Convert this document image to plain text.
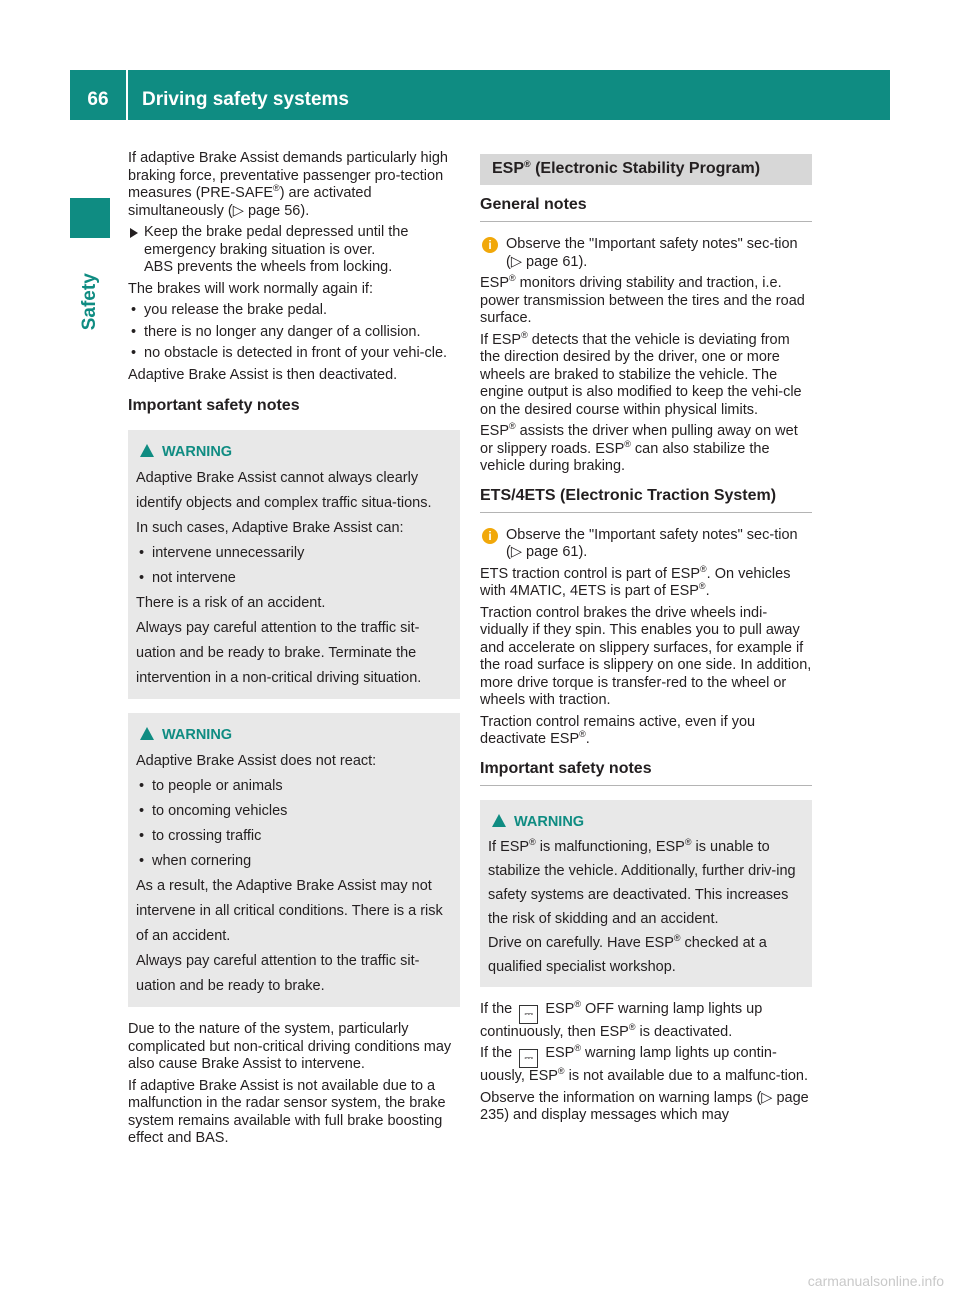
66	Driving safety systems
Safety

If adaptive Brake Assist demands particularly high braking force, preventative passenger pro-tection measures (PRE-SAFE®) are activated simultaneously (▷ page 56).

Keep the brake pedal depressed until the emergency braking situation is over.
ABS prevents the wheels from locking.

The brakes will work normally again if:

• you release the brake pedal.
• there is no longer any danger of a collision.
• no obstacle is detected in front of your vehi-cle.

Adaptive Brake Assist is then deactivated.

Important safety notes
WARNING

Adaptive Brake Assist cannot always clearly identify objects and complex traffic situa-tions.

In such cases, Adaptive Brake Assist can:

• intervene unnecessarily
• not intervene

There is a risk of an accident.

Always pay careful attention to the traffic sit-uation and be ready to brake. Terminate the intervention in a non-critical driving situation.

WARNING

Adaptive Brake Assist does not react:

• to people or animals
• to oncoming vehicles
• to crossing traffic
• when cornering

As a result, the Adaptive Brake Assist may not intervene in all critical conditions. There is a risk of an accident.

Always pay careful attention to the traffic sit-uation and be ready to brake.

Due to the nature of the system, particularly complicated but non-critical driving conditions may also cause Brake Assist to intervene.

If adaptive Brake Assist is not available due to a malfunction in the radar sensor system, the brake system remains available with full brake boosting effect and BAS.

ESP® (Electronic Stability Program)
General notes
i Observe the "Important safety notes" sec-tion (▷ page 61).

ESP® monitors driving stability and traction, i.e. power transmission between the tires and the road surface.

If ESP® detects that the vehicle is deviating from the direction desired by the driver, one or more wheels are braked to stabilize the vehicle. The engine output is also modified to keep the vehi-cle on the desired course within physical limits.

ESP® assists the driver when pulling away on wet or slippery roads. ESP® can also stabilize the vehicle during braking.

ETS/4ETS (Electronic Traction System)
i Observe the "Important safety notes" sec-tion (▷ page 61).

ETS traction control is part of ESP®. On vehicles with 4MATIC, 4ETS is part of ESP®.

Traction control brakes the drive wheels indi-vidually if they spin. This enables you to pull away and accelerate on slippery surfaces, for example if the road surface is slippery on one side. In addition, more drive torque is transfer-red to the wheel or wheels with traction.

Traction control remains active, even if you deactivate ESP®.

Important safety notes
WARNING

If ESP® is malfunctioning, ESP® is unable to stabilize the vehicle. Additionally, further driv-ing safety systems are deactivated. This increases the risk of skidding and an accident.

Drive on carefully. Have ESP® checked at a qualified specialist workshop.

If the ⎓ ESP® OFF warning lamp lights up continuously, then ESP® is deactivated.

If the ⎓ ESP® warning lamp lights up contin-uously, ESP® is not available due to a malfunc-tion.

Observe the information on warning lamps (▷ page 235) and display messages which may

carmanualsonline.info
